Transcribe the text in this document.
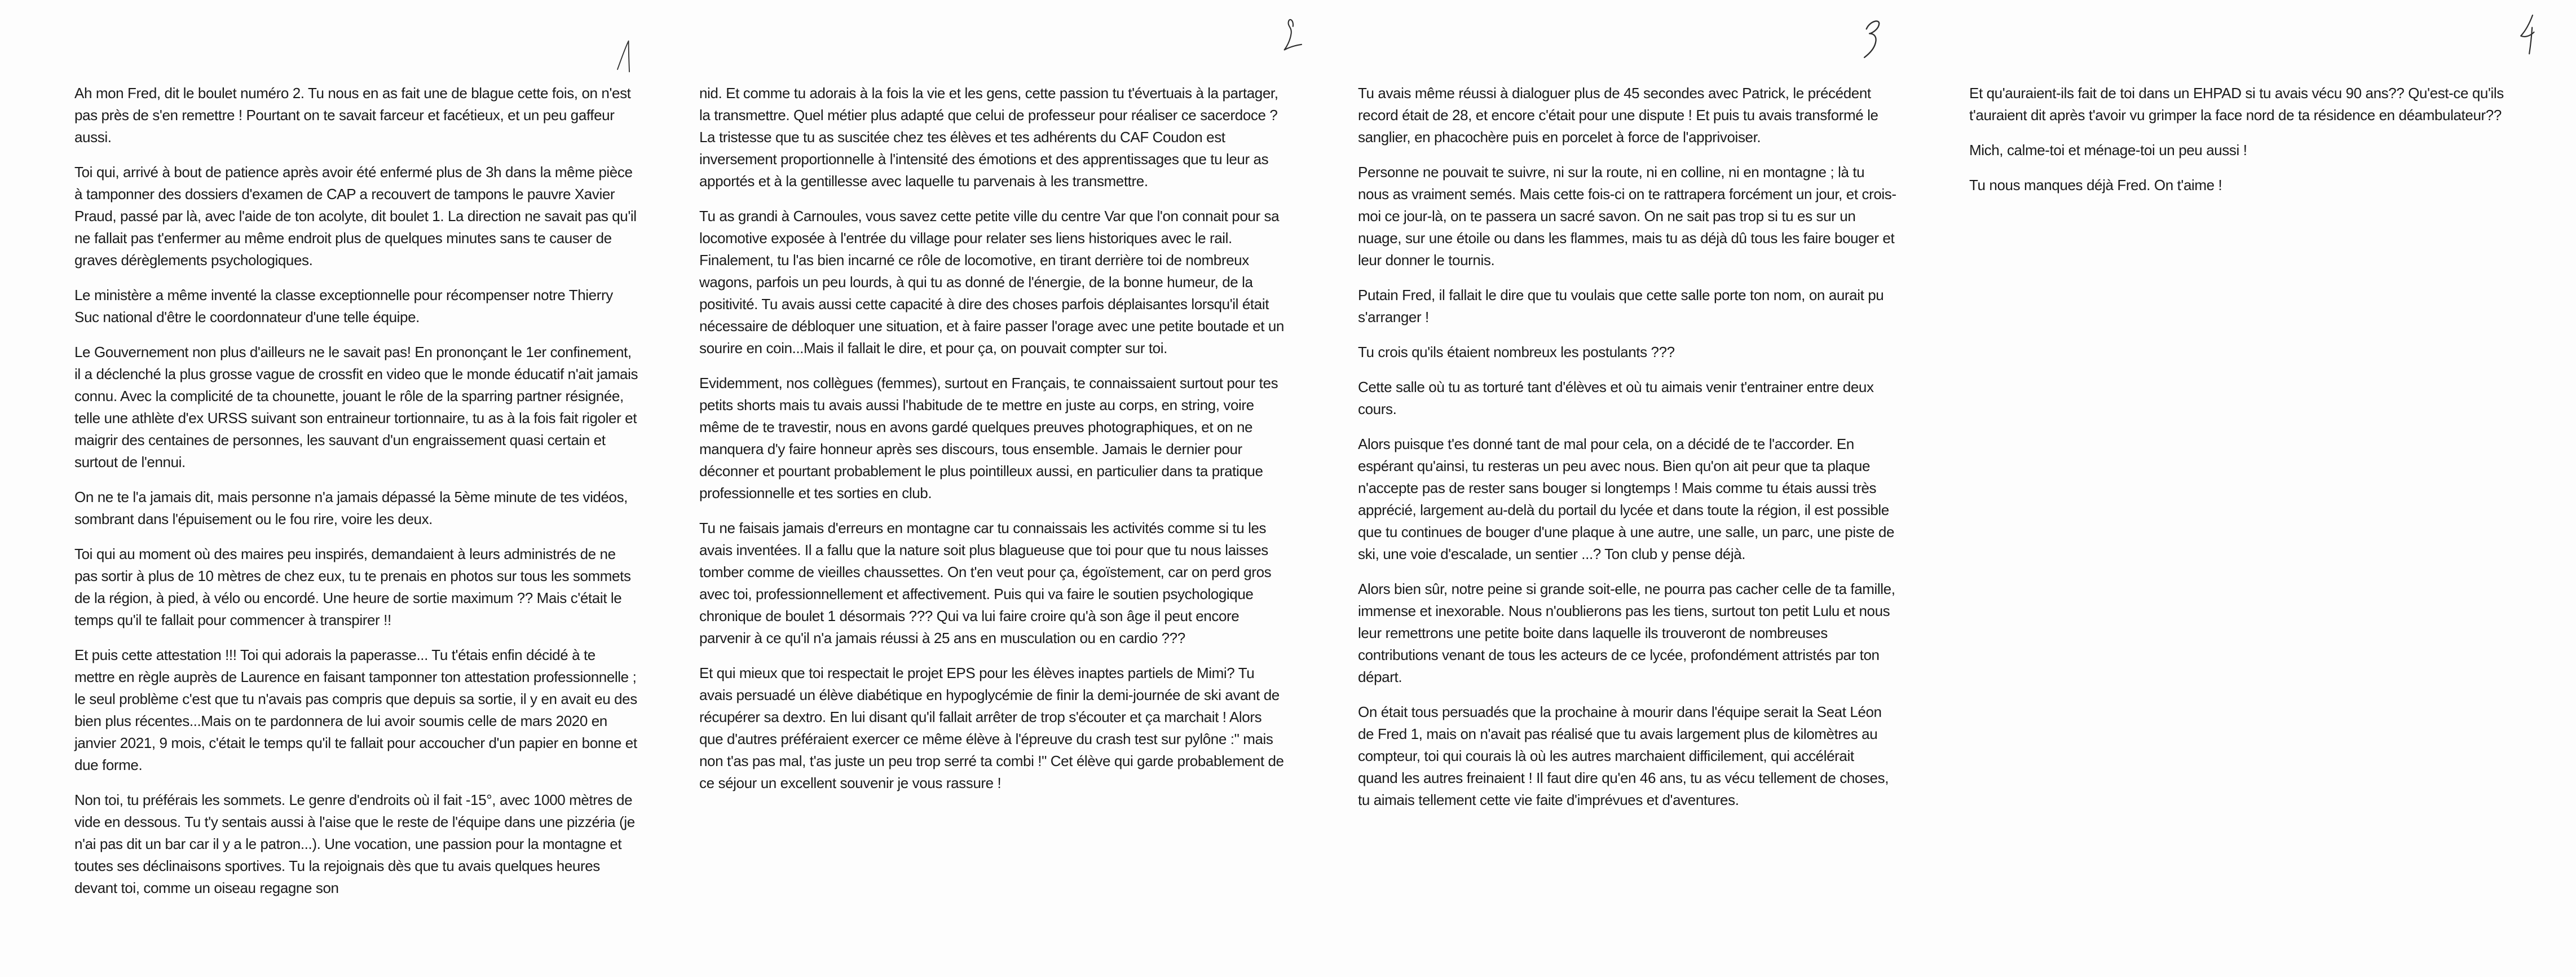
Ah mon Fred, dit le boulet numéro 2. Tu nous en as fait une de blague cette fois, on n'est pas près de s'en remettre ! Pourtant on te savait farceur et facétieux, et un peu gaffeur aussi.

Toi qui, arrivé à bout de patience après avoir été enfermé plus de 3h dans la même pièce à tamponner des dossiers d'examen de CAP a recouvert de tampons le pauvre Xavier Praud, passé par là, avec l'aide de ton acolyte, dit boulet 1. La direction ne savait pas qu'il ne fallait pas t'enfermer au même endroit plus de quelques minutes sans te causer de graves dérèglements psychologiques.

Le ministère a même inventé la classe exceptionnelle pour récompenser notre Thierry Suc national d'être le coordonnateur d'une telle équipe.

Le Gouvernement non plus d'ailleurs ne le savait pas! En prononçant le 1er confinement, il a déclenché la plus grosse vague de crossfit en video que le monde éducatif n'ait jamais connu. Avec la complicité de ta chounette, jouant le rôle de la sparring partner résignée, telle une athlète d'ex URSS suivant son entraineur tortionnaire, tu as à la fois fait rigoler et maigrir des centaines de personnes, les sauvant d'un engraissement quasi certain et surtout de l'ennui.

On ne te l'a jamais dit, mais personne n'a jamais dépassé la 5ème minute de tes vidéos, sombrant dans l'épuisement ou le fou rire, voire les deux.

Toi qui au moment où des maires peu inspirés, demandaient à leurs administrés de ne pas sortir à plus de 10 mètres de chez eux, tu te prenais en photos sur tous les sommets de la région, à pied, à vélo ou encordé. Une heure de sortie maximum ?? Mais c'était le temps qu'il te fallait pour commencer à transpirer !!

Et puis cette attestation !!! Toi qui adorais la paperasse... Tu t'étais enfin décidé à te mettre en règle auprès de Laurence en faisant tamponner ton attestation professionnelle ; le seul problème c'est que tu n'avais pas compris que depuis sa sortie, il y en avait eu des bien plus récentes...Mais on te pardonnera de lui avoir soumis celle de mars 2020 en janvier 2021, 9 mois, c'était le temps qu'il te fallait pour accoucher d'un papier en bonne et due forme.

Non toi, tu préférais les sommets. Le genre d'endroits où il fait -15°, avec 1000 mètres de vide en dessous. Tu t'y sentais aussi à l'aise que le reste de l'équipe dans une pizzéria (je n'ai pas dit un bar car il y a le patron...). Une vocation, une passion pour la montagne et toutes ses déclinaisons sportives. Tu la rejoignais dès que tu avais quelques heures devant toi, comme un oiseau regagne son

nid. Et comme tu adorais à la fois la vie et les gens, cette passion tu t'évertuais à la partager, la transmettre. Quel métier plus adapté que celui de professeur pour réaliser ce sacerdoce ? La tristesse que tu as suscitée chez tes élèves et tes adhérents du CAF Coudon est inversement proportionnelle à l'intensité des émotions et des apprentissages que tu leur as apportés et à la gentillesse avec laquelle tu parvenais à les transmettre.

Tu as grandi à Carnoules, vous savez cette petite ville du centre Var que l'on connait pour sa locomotive exposée à l'entrée du village pour relater ses liens historiques avec le rail. Finalement, tu l'as bien incarné ce rôle de locomotive, en tirant derrière toi de nombreux wagons, parfois un peu lourds, à qui tu as donné de l'énergie, de la bonne humeur, de la positivité. Tu avais aussi cette capacité à dire des choses parfois déplaisantes lorsqu'il était nécessaire de débloquer une situation, et à faire passer l'orage avec une petite boutade et un sourire en coin...Mais il fallait le dire, et pour ça, on pouvait compter sur toi.

Evidemment, nos collègues (femmes), surtout en Français, te connaissaient surtout pour tes petits shorts mais tu avais aussi l'habitude de te mettre en juste au corps, en string, voire même de te travestir, nous en avons gardé quelques preuves photographiques, et on ne manquera d'y faire honneur après ses discours, tous ensemble. Jamais le dernier pour déconner et pourtant probablement le plus pointilleux aussi, en particulier dans ta pratique professionnelle et tes sorties en club.

Tu ne faisais jamais d'erreurs en montagne car tu connaissais les activités comme si tu les avais inventées. Il a fallu que la nature soit plus blagueuse que toi pour que tu nous laisses tomber comme de vieilles chaussettes. On t'en veut pour ça, égoïstement, car on perd gros avec toi, professionnellement et affectivement. Puis qui va faire le soutien psychologique chronique de boulet 1 désormais ??? Qui va lui faire croire qu'à son âge il peut encore parvenir à ce qu'il n'a jamais réussi à 25 ans en musculation ou en cardio ???

Et qui mieux que toi respectait le projet EPS pour les élèves inaptes partiels de Mimi? Tu avais persuadé un élève diabétique en hypoglycémie de finir la demi-journée de ski avant de récupérer sa dextro. En lui disant qu'il fallait arrêter de trop s'écouter et ça marchait ! Alors que d'autres préféraient exercer ce même élève à l'épreuve du crash test sur pylône :" mais non t'as pas mal, t'as juste un peu trop serré ta combi !" Cet élève qui garde probablement de ce séjour un excellent souvenir je vous rassure !

Tu avais même réussi à dialoguer plus de 45 secondes avec Patrick, le précédent record était de 28, et encore c'était pour une dispute ! Et puis tu avais transformé le sanglier, en phacochère puis en porcelet à force de l'apprivoiser.

Personne ne pouvait te suivre, ni sur la route, ni en colline, ni en montagne ; là tu nous as vraiment semés. Mais cette fois-ci on te rattrapera forcément un jour, et crois-moi ce jour-là, on te passera un sacré savon. On ne sait pas trop si tu es sur un nuage, sur une étoile ou dans les flammes, mais tu as déjà dû tous les faire bouger et leur donner le tournis.

Putain Fred, il fallait le dire que tu voulais que cette salle porte ton nom, on aurait pu s'arranger !

Tu crois qu'ils étaient nombreux les postulants ???

Cette salle où tu as torturé tant d'élèves et où tu aimais venir t'entrainer entre deux cours.

Alors puisque t'es donné tant de mal pour cela, on a décidé de te l'accorder. En espérant qu'ainsi, tu resteras un peu avec nous. Bien qu'on ait peur que ta plaque n'accepte pas de rester sans bouger si longtemps ! Mais comme tu étais aussi très apprécié, largement au-delà du portail du lycée et dans toute la région, il est possible que tu continues de bouger d'une plaque à une autre, une salle, un parc, une piste de ski, une voie d'escalade, un sentier ...? Ton club y pense déjà.

Alors bien sûr, notre peine si grande soit-elle, ne pourra pas cacher celle de ta famille, immense et inexorable. Nous n'oublierons pas les tiens, surtout ton petit Lulu et nous leur remettrons une petite boite dans laquelle ils trouveront de nombreuses contributions venant de tous les acteurs de ce lycée, profondément attristés par ton départ.

On était tous persuadés que la prochaine à mourir dans l'équipe serait la Seat Léon de Fred 1, mais on n'avait pas réalisé que tu avais largement plus de kilomètres au compteur, toi qui courais là où les autres marchaient difficilement, qui accélérait quand les autres freinaient ! Il faut dire qu'en 46 ans, tu as vécu tellement de choses, tu aimais tellement cette vie faite d'imprévues et d'aventures.

Et qu'auraient-ils fait de toi dans un EHPAD si tu avais vécu 90 ans?? Qu'est-ce qu'ils t'auraient dit après t'avoir vu grimper la face nord de ta résidence en déambulateur??

Mich, calme-toi et ménage-toi un peu aussi !

Tu nous manques déjà Fred. On t'aime !
